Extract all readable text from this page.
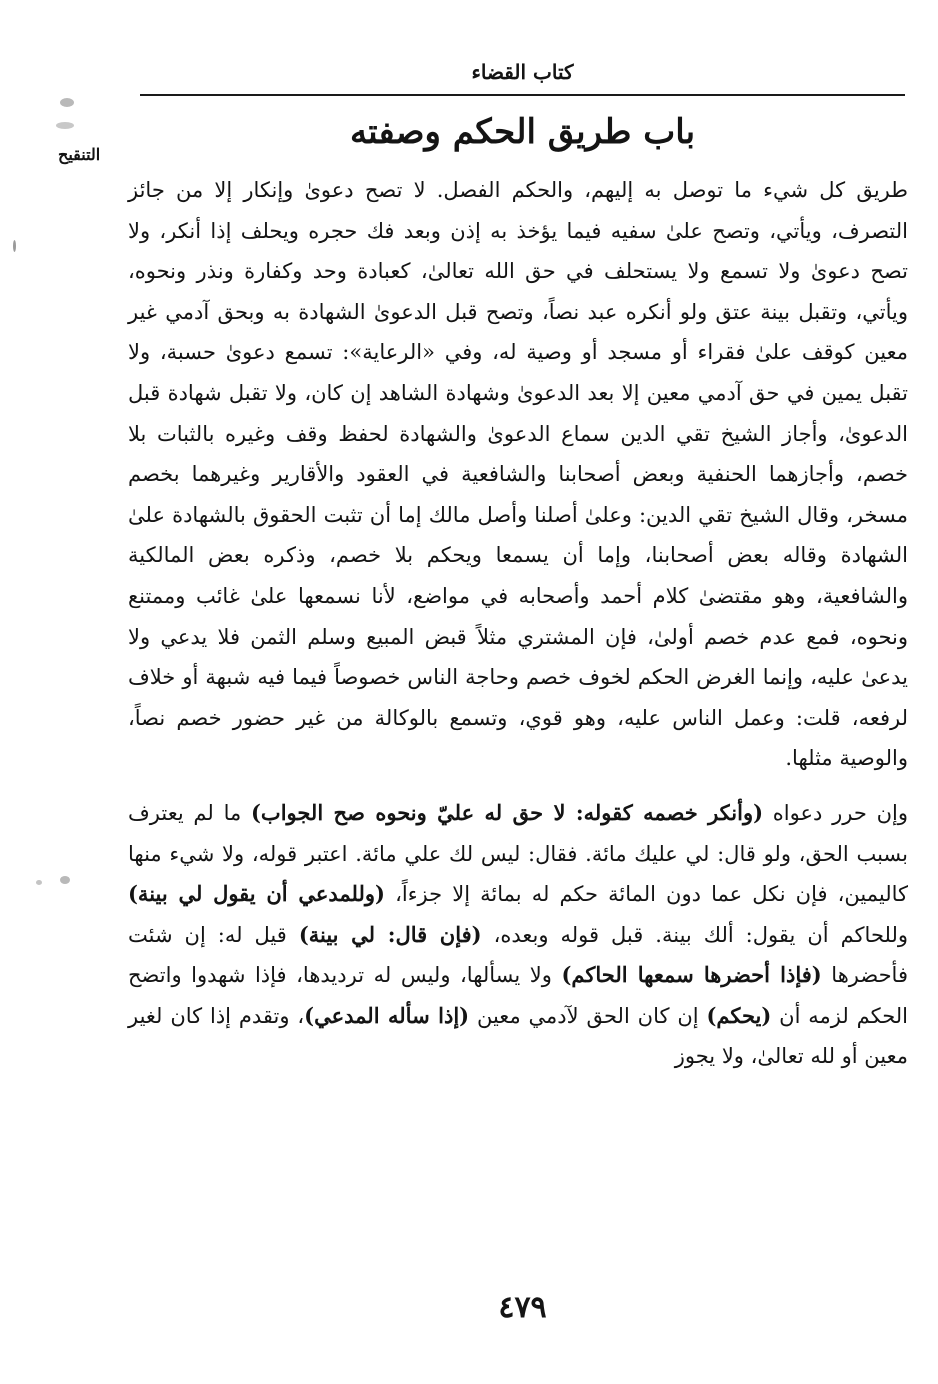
كتاب القضاء
التنقيح
باب طريق الحكم وصفته

طريق كل شيء ما توصل به إليهم، والحكم الفصل. لا تصح دعوىٰ وإنكار إلا من جائز التصرف، ويأتي، وتصح علىٰ سفيه فيما يؤخذ به إذن وبعد فك حجره ويحلف إذا أنكر، ولا تصح دعوىٰ ولا تسمع ولا يستحلف في حق الله تعالىٰ، كعبادة وحد وكفارة ونذر ونحوه، ويأتي، وتقبل بينة عتق ولو أنكره عبد نصاً، وتصح قبل الدعوىٰ الشهادة به وبحق آدمي غير معين كوقف علىٰ فقراء أو مسجد أو وصية له، وفي «الرعاية»: تسمع دعوىٰ حسبة، ولا تقبل يمين في حق آدمي معين إلا بعد الدعوىٰ وشهادة الشاهد إن كان، ولا تقبل شهادة قبل الدعوىٰ، وأجاز الشيخ تقي الدين سماع الدعوىٰ والشهادة لحفظ وقف وغيره بالثبات بلا خصم، وأجازهما الحنفية وبعض أصحابنا والشافعية في العقود والأقارير وغيرهما بخصم مسخر، وقال الشيخ تقي الدين: وعلىٰ أصلنا وأصل مالك إما أن تثبت الحقوق بالشهادة علىٰ الشهادة وقاله بعض أصحابنا، وإما أن يسمعا ويحكم بلا خصم، وذكره بعض المالكية والشافعية، وهو مقتضىٰ كلام أحمد وأصحابه في مواضع، لأنا نسمعها علىٰ غائب وممتنع ونحوه، فمع عدم خصم أولىٰ، فإن المشتري مثلاً قبض المبيع وسلم الثمن فلا يدعي ولا يدعىٰ عليه، وإنما الغرض الحكم لخوف خصم وحاجة الناس خصوصاً فيما فيه شبهة أو خلاف لرفعه، قلت: وعمل الناس عليه، وهو قوي، وتسمع بالوكالة من غير حضور خصم نصاً، والوصية مثلها.

وإن حرر دعواه (وأنكر خصمه كقوله: لا حق له عليّ ونحوه صح الجواب) ما لم يعترف بسبب الحق، ولو قال: لي عليك مائة. فقال: ليس لك علي مائة. اعتبر قوله، ولا شيء منها كاليمين، فإن نكل عما دون المائة حكم له بمائة إلا جزءاً، (وللمدعي أن يقول لي بينة) وللحاكم أن يقول: ألك بينة. قبل قوله وبعده، (فإن قال: لي بينة) قيل له: إن شئت فأحضرها (فإذا أحضرها سمعها الحاكم) ولا يسألها، وليس له ترديدها، فإذا شهدوا واتضح الحكم لزمه أن (يحكم) إن كان الحق لآدمي معين (إذا سأله المدعي)، وتقدم إذا كان لغير معين أو لله تعالىٰ، ولا يجوز

٤٧٩
